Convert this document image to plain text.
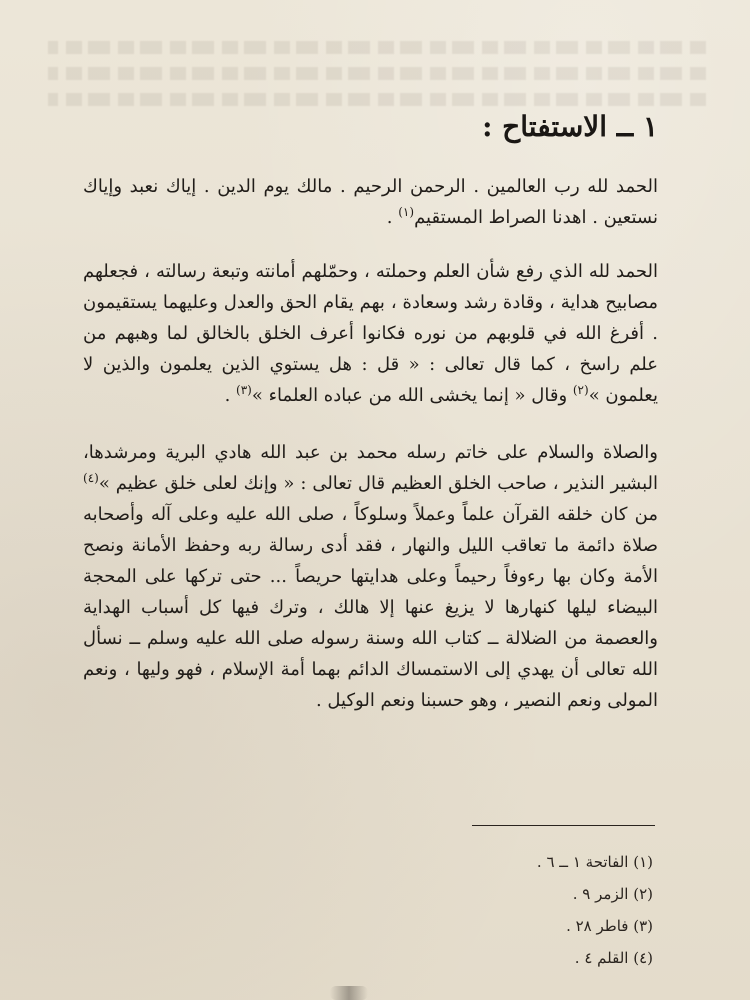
١ ــ الاستفتاح :

الحمد لله رب العالمين . الرحمن الرحيم . مالك يوم الدين . إياك نعبد وإياك نستعين . اهدنا الصراط المستقيم$^{(١)}$ .

الحمد لله الذي رفع شأن العلم وحملته ، وحمّلهم أمانته وتبعة رسالته ، فجعلهم مصابيح هداية ، وقادة رشد وسعادة ، بهم يقام الحق والعدل وعليهما يستقيمون . أفرغ الله في قلوبهم من نوره فكانوا أعرف الخلق بالخالق لما وهبهم من علم راسخ ، كما قال تعالى : « قل : هل يستوي الذين يعلمون والذين لا يعلمون »$^{(٢)}$ وقال « إنما يخشى الله من عباده العلماء »$^{(٣)}$ .

والصلاة والسلام على خاتم رسله محمد بن عبد الله هادي البرية ومرشدها، البشير النذير ، صاحب الخلق العظيم قال تعالى : « وإنك لعلى خلق عظيم »$^{(٤)}$ من كان خلقه القرآن علماً وعملاً وسلوكاً ، صلى الله عليه وعلى آله وأصحابه صلاة دائمة ما تعاقب الليل والنهار ، فقد أدى رسالة ربه وحفظ الأمانة ونصح الأمة وكان بها رءوفاً رحيماً وعلى هدايتها حريصاً ... حتى تركها على المحجة البيضاء ليلها كنهارها لا يزيغ عنها إلا هالك ، وترك فيها كل أسباب الهداية والعصمة من الضلالة ــ كتاب الله وسنة رسوله صلى الله عليه وسلم ــ نسأل الله تعالى أن يهدي إلى الاستمساك الدائم بهما أمة الإسلام ، فهو وليها ، ونعم المولى ونعم النصير ، وهو حسبنا ونعم الوكيل .

(١) الفاتحة ١ ــ ٦ .
(٢) الزمر ٩ .
(٣) فاطر ٢٨ .
(٤) القلم ٤ .
